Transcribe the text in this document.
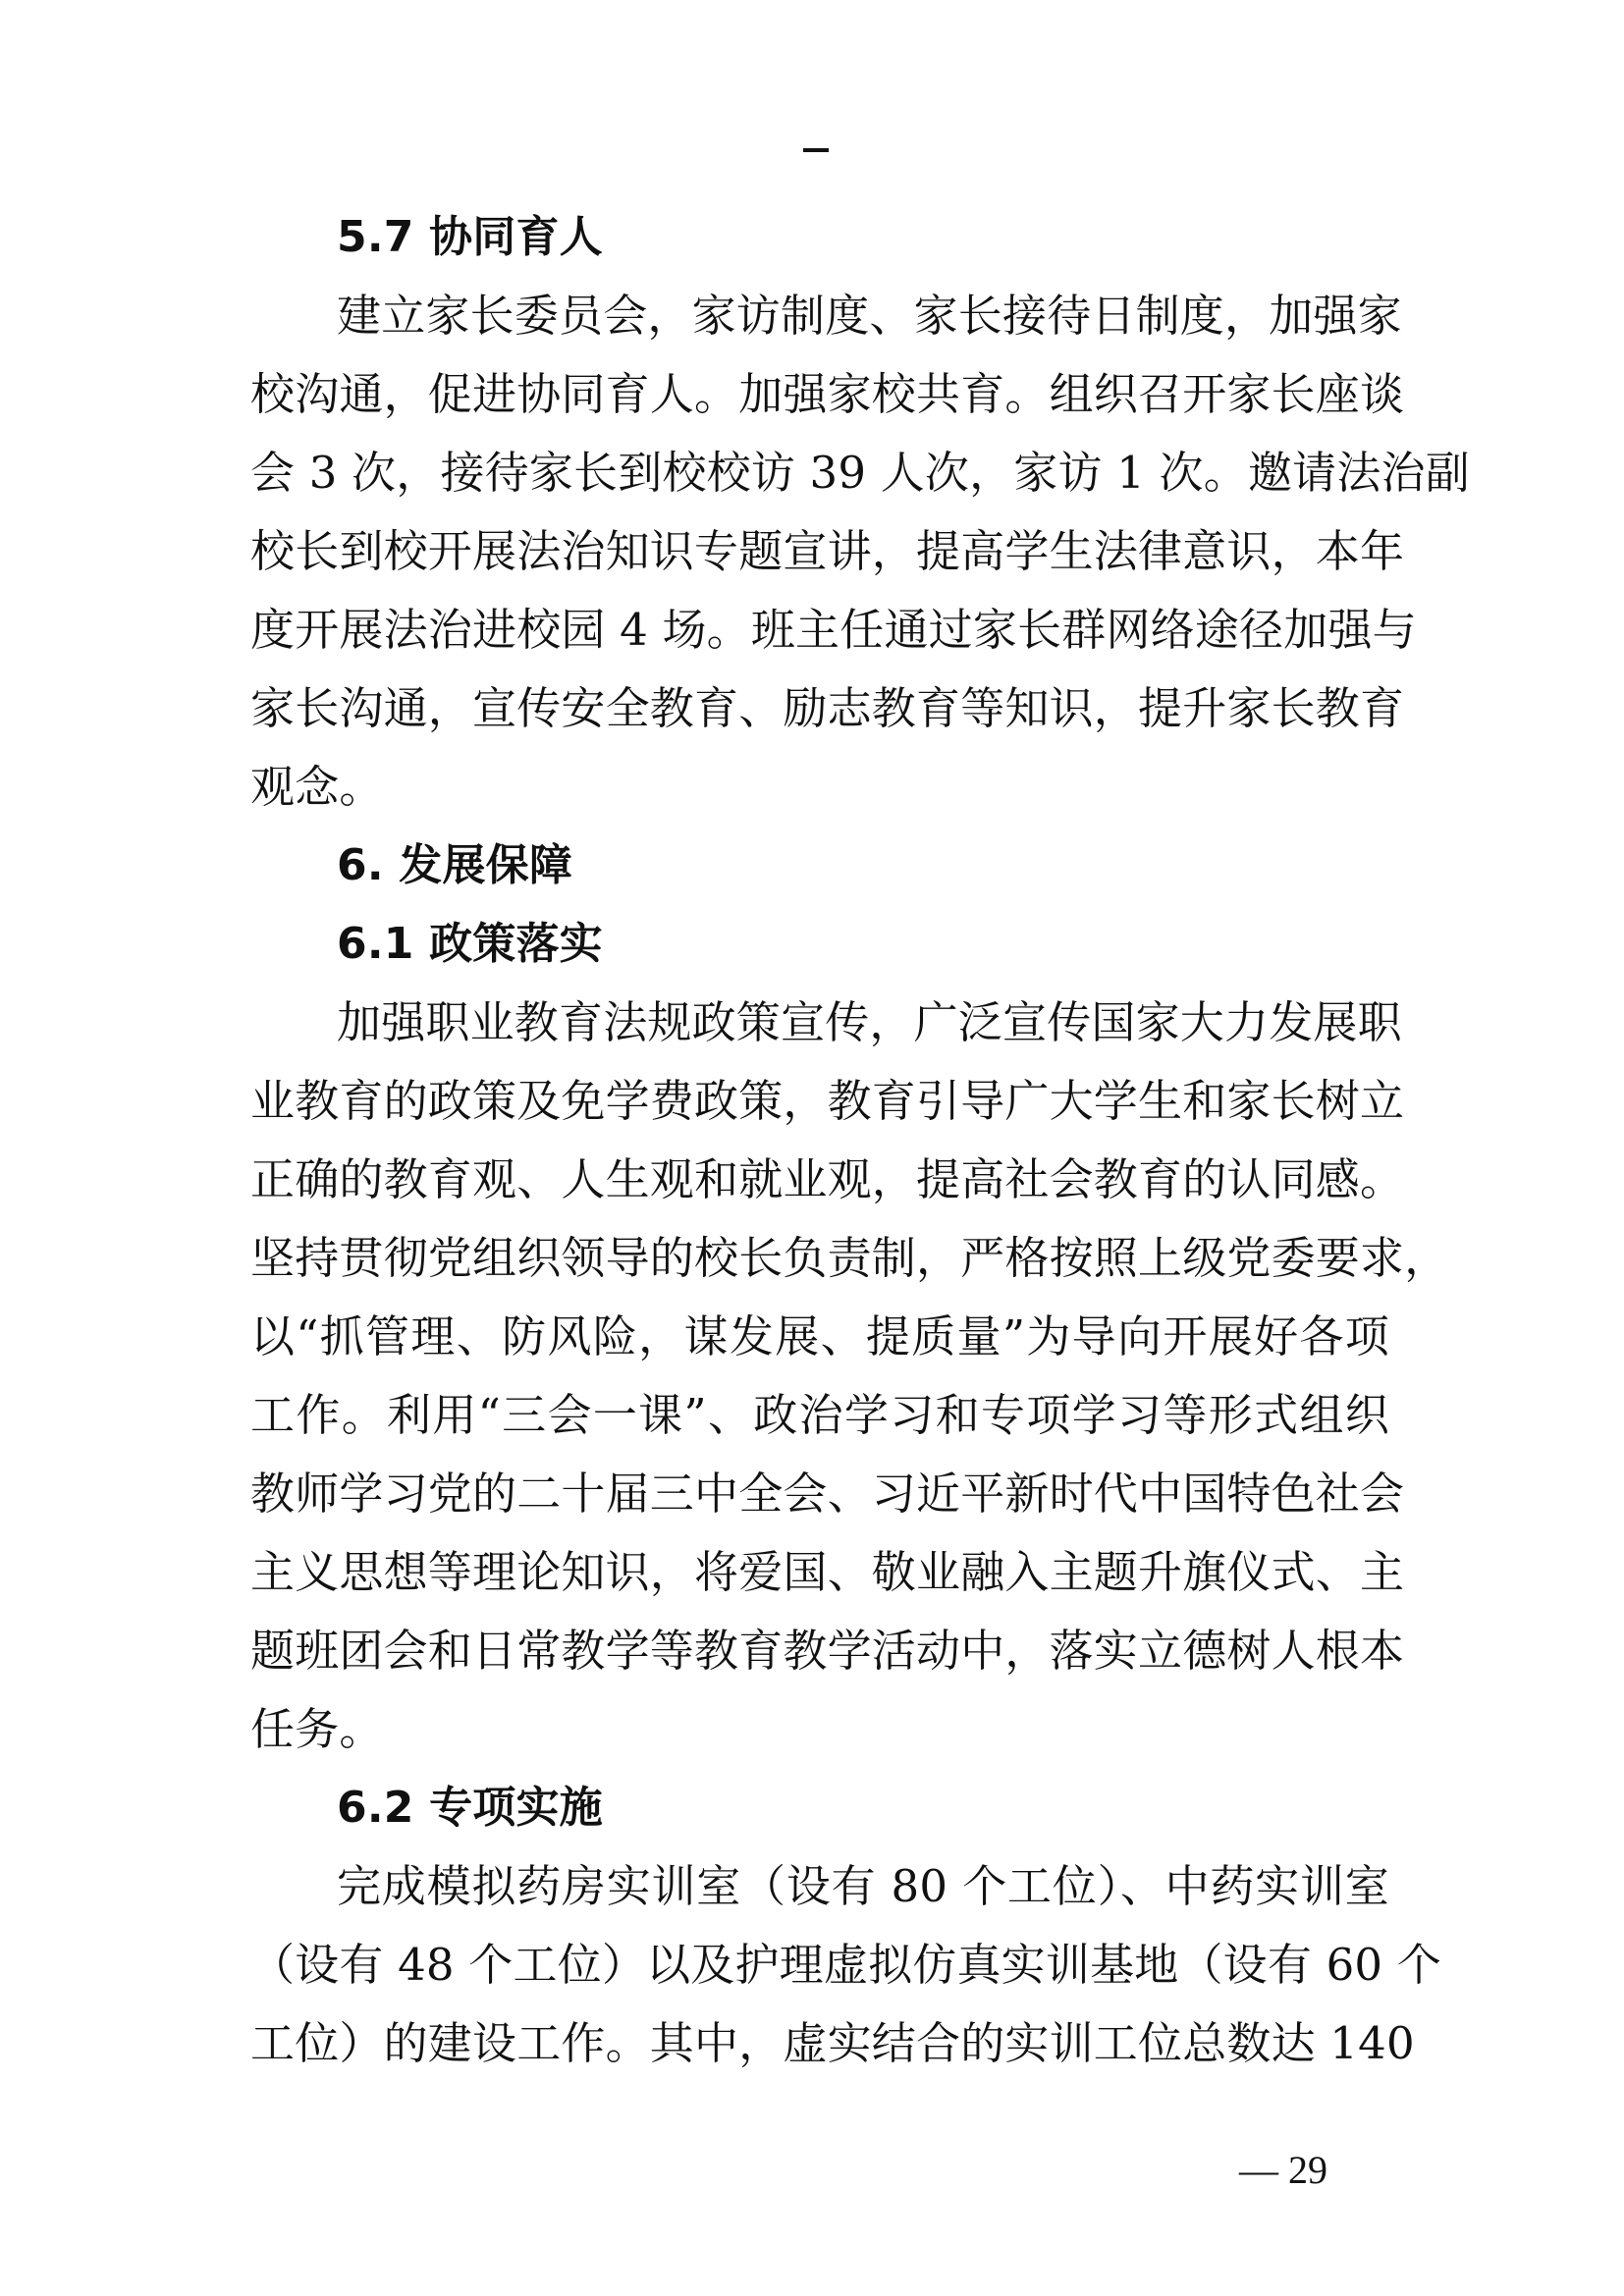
5.7 协同育人
建立家长委员会，家访制度、家长接待日制度，加强家
校沟通，促进协同育人。加强家校共育。组织召开家长座谈
会 3 次，接待家长到校校访 39 人次，家访 1 次。邀请法治副
校长到校开展法治知识专题宣讲，提高学生法律意识，本年
度开展法治进校园 4 场。班主任通过家长群网络途径加强与
家长沟通，宣传安全教育、励志教育等知识，提升家长教育
观念。
6. 发展保障
6.1 政策落实
加强职业教育法规政策宣传，广泛宣传国家大力发展职
业教育的政策及免学费政策，教育引导广大学生和家长树立
正确的教育观、人生观和就业观，提高社会教育的认同感。
坚持贯彻党组织领导的校长负责制，严格按照上级党委要求，
以“抓管理、防风险，谋发展、提质量”为导向开展好各项
工作。利用“三会一课”、政治学习和专项学习等形式组织
教师学习党的二十届三中全会、习近平新时代中国特色社会
主义思想等理论知识，将爱国、敬业融入主题升旗仪式、主
题班团会和日常教学等教育教学活动中，落实立德树人根本
任务。
6.2 专项实施
完成模拟药房实训室（设有 80 个工位）、中药实训室
（设有 48 个工位）以及护理虚拟仿真实训基地（设有 60 个
工位）的建设工作。其中，虚实结合的实训工位总数达 140
— 29
